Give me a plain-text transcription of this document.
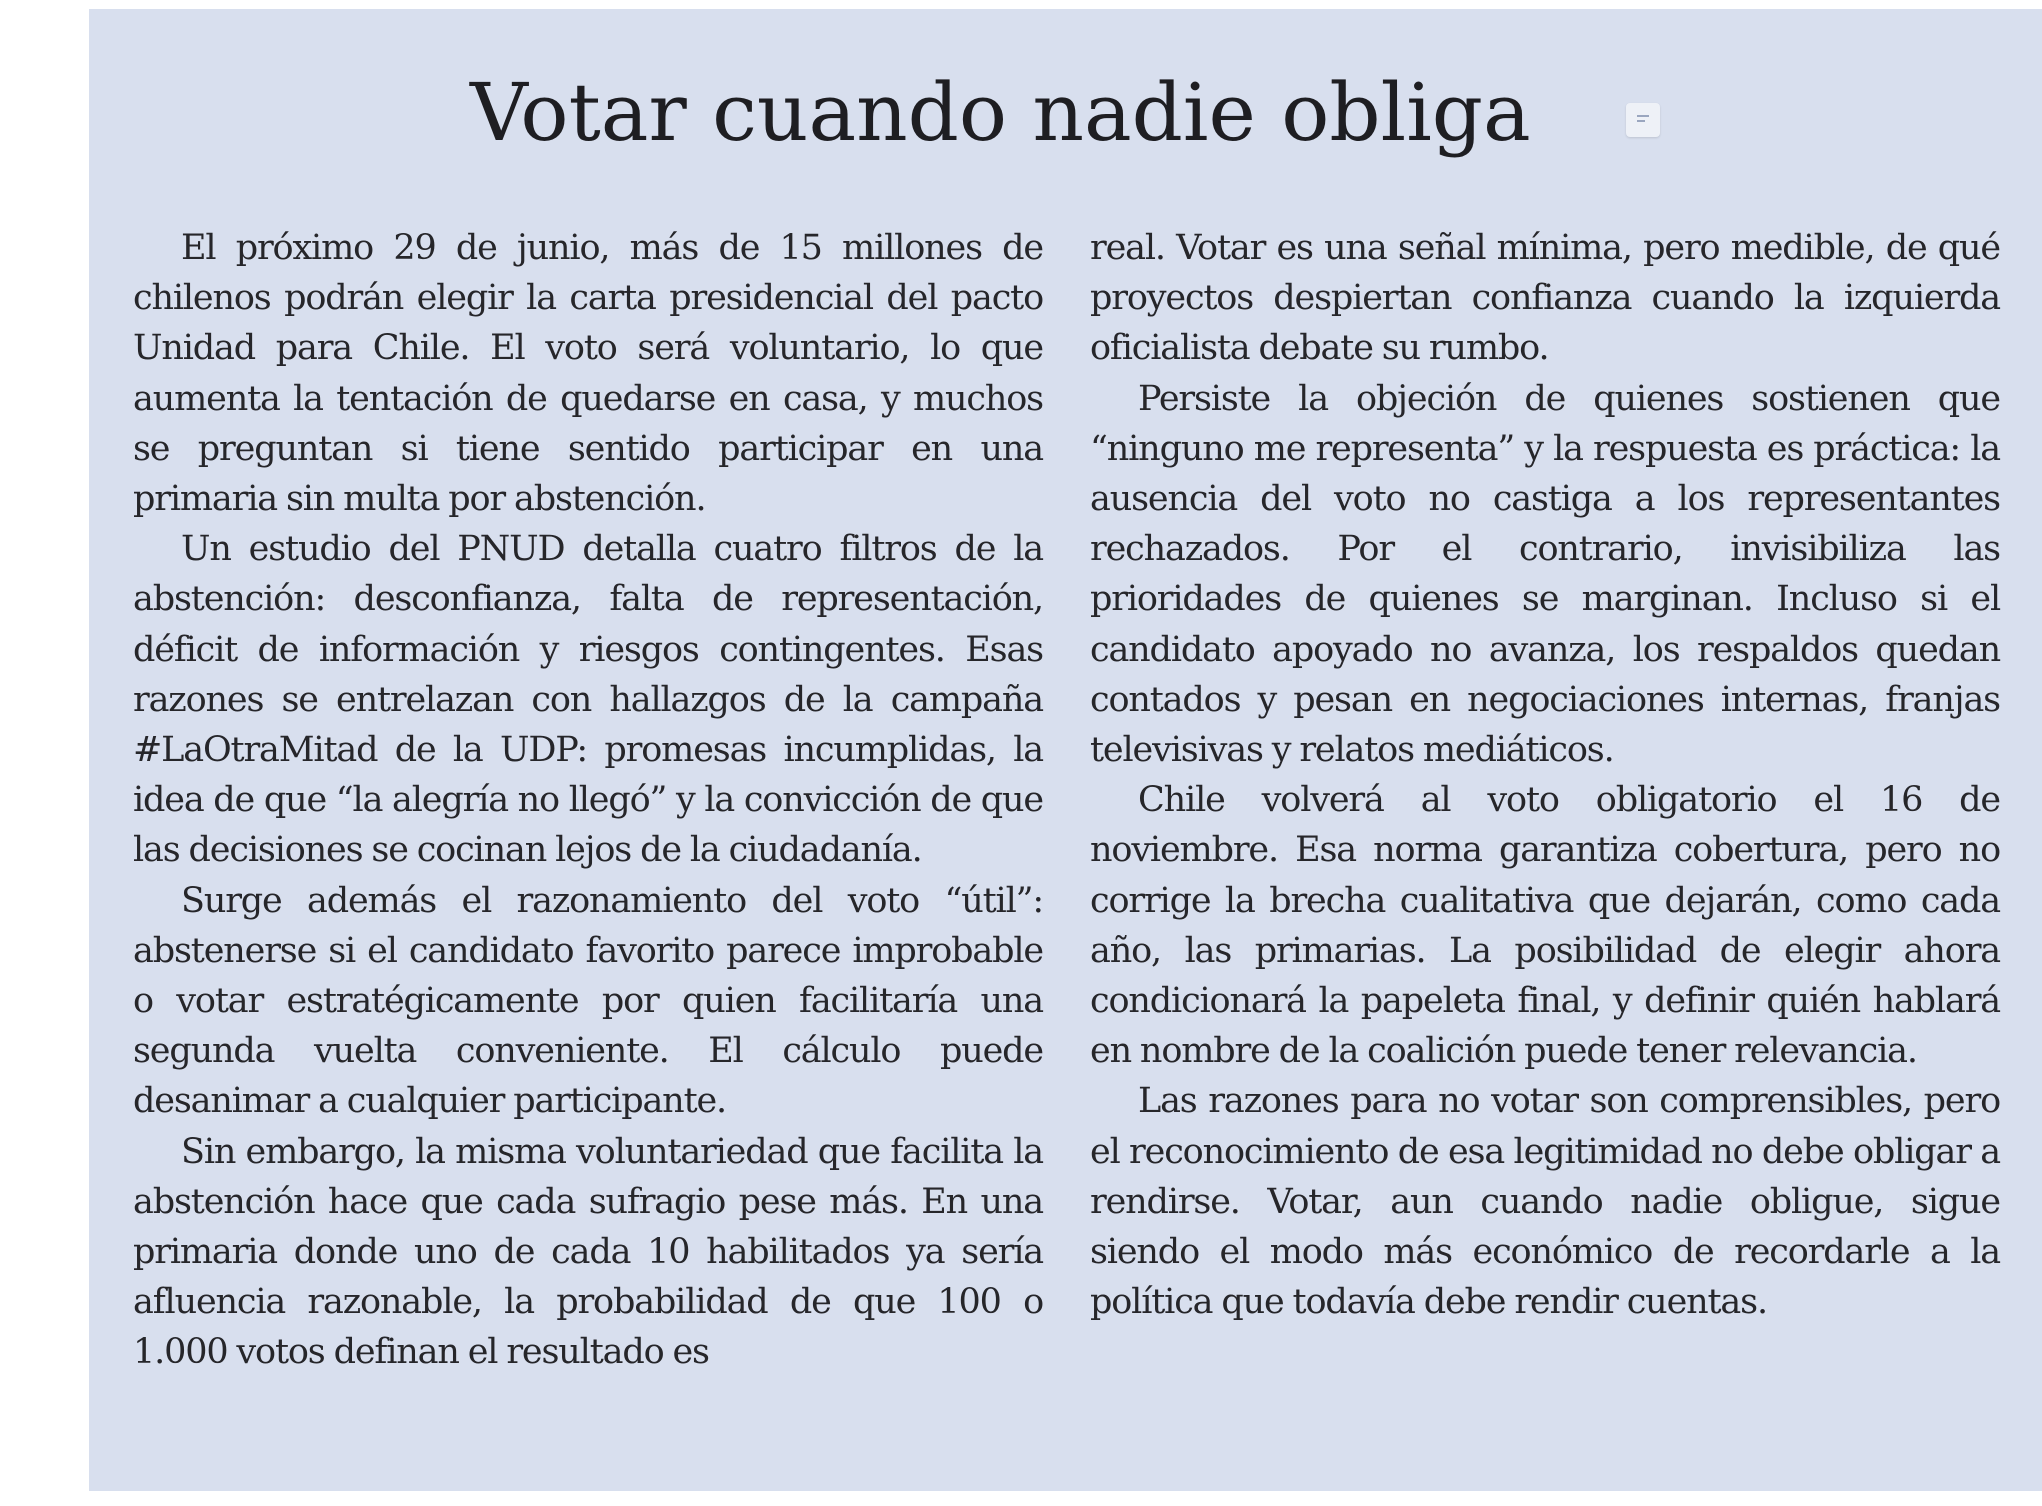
Votar cuando nadie obliga

El próximo 29 de junio, más de 15 millones de chilenos podrán elegir la carta presidencial del pacto Unidad para Chile. El voto será voluntario, lo que aumenta la tentación de quedarse en casa, y muchos se preguntan si tiene sentido participar en una primaria sin multa por abstención.

Un estudio del PNUD detalla cuatro filtros de la abstención: desconfianza, falta de representación, déficit de información y riesgos contingentes. Esas razones se entrelazan con hallazgos de la campaña #LaOtraMitad de la UDP: promesas incumplidas, la idea de que “la alegría no llegó” y la convicción de que las decisiones se cocinan lejos de la ciudadanía.

Surge además el razonamiento del voto “útil”: abstenerse si el candidato favorito parece improbable o votar estratégicamente por quien facilitaría una segunda vuelta conveniente. El cálculo puede desanimar a cualquier participante.

Sin embargo, la misma voluntariedad que facilita la abstención hace que cada sufragio pese más. En una primaria donde uno de cada 10 habilitados ya sería afluencia razonable, la probabilidad de que 100 o 1.000 votos definan el resultado es

real. Votar es una señal mínima, pero medible, de qué proyectos despiertan confianza cuando la izquierda oficialista debate su rumbo.

Persiste la objeción de quienes sostienen que “ninguno me representa” y la respuesta es práctica: la ausencia del voto no castiga a los representantes rechazados. Por el contrario, invisibiliza las prioridades de quienes se marginan. Incluso si el candidato apoyado no avanza, los respaldos quedan contados y pesan en negociaciones internas, franjas televisivas y relatos mediáticos.

Chile volverá al voto obligatorio el 16 de noviembre. Esa norma garantiza cobertura, pero no corrige la brecha cualitativa que dejarán, como cada año, las primarias. La posibilidad de elegir ahora condicionará la papeleta final, y definir quién hablará en nombre de la coalición puede tener relevancia.

Las razones para no votar son comprensibles, pero el reconocimiento de esa legitimidad no debe obligar a rendirse. Votar, aun cuando nadie obligue, sigue siendo el modo más económico de recordarle a la política que todavía debe rendir cuentas.
